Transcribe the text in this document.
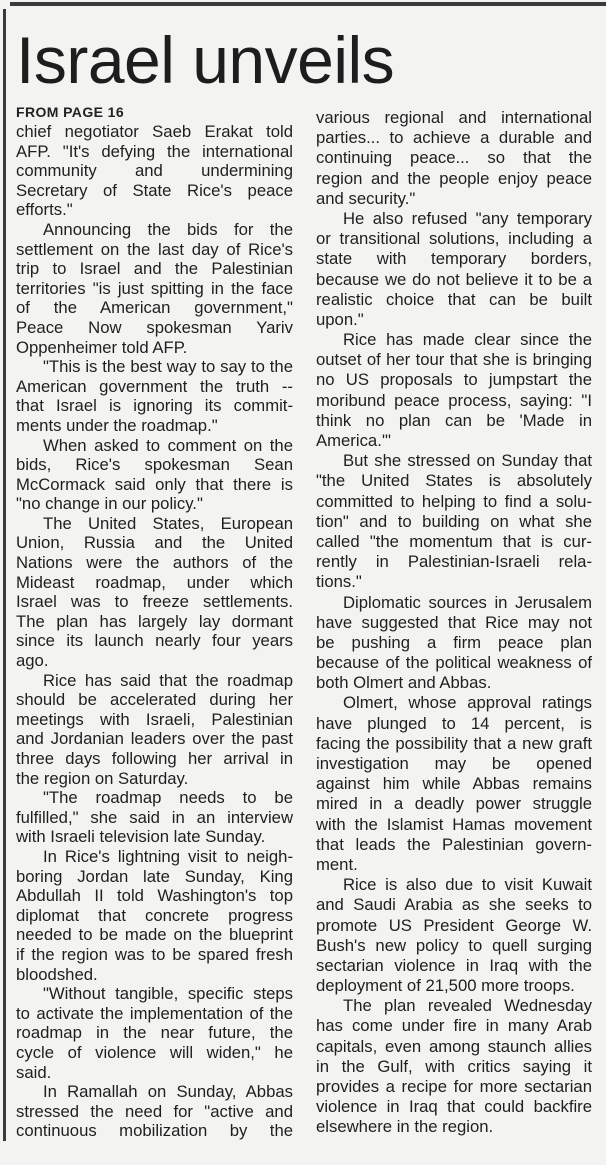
Israel unveils
FROM PAGE 16
chief negotiator Saeb Erakat told
AFP. "It's defying the international
community and undermining
Secretary of State Rice's peace
efforts."
Announcing the bids for the
settlement on the last day of Rice's
trip to Israel and the Palestinian
territories "is just spitting in the face
of the American government,"
Peace Now spokesman Yariv
Oppenheimer told AFP.
"This is the best way to say to the
American government the truth --
that Israel is ignoring its commit-
ments under the roadmap."
When asked to comment on the
bids, Rice's spokesman Sean
McCormack said only that there is
"no change in our policy."
The United States, European
Union, Russia and the United
Nations were the authors of the
Mideast roadmap, under which
Israel was to freeze settlements.
The plan has largely lay dormant
since its launch nearly four years
ago.
Rice has said that the roadmap
should be accelerated during her
meetings with Israeli, Palestinian
and Jordanian leaders over the past
three days following her arrival in
the region on Saturday.
"The roadmap needs to be
fulfilled," she said in an interview
with Israeli television late Sunday.
In Rice's lightning visit to neigh-
boring Jordan late Sunday, King
Abdullah II told Washington's top
diplomat that concrete progress
needed to be made on the blueprint
if the region was to be spared fresh
bloodshed.
"Without tangible, specific steps
to activate the implementation of the
roadmap in the near future, the
cycle of violence will widen," he
said.
In Ramallah on Sunday, Abbas
stressed the need for "active and
continuous mobilization by the
various regional and international
parties... to achieve a durable and
continuing peace... so that the
region and the people enjoy peace
and security."
He also refused "any temporary
or transitional solutions, including a
state with temporary borders,
because we do not believe it to be a
realistic choice that can be built
upon."
Rice has made clear since the
outset of her tour that she is bringing
no US proposals to jumpstart the
moribund peace process, saying: "I
think no plan can be 'Made in
America.'"
But she stressed on Sunday that
"the United States is absolutely
committed to helping to find a solu-
tion" and to building on what she
called "the momentum that is cur-
rently in Palestinian-Israeli rela-
tions."
Diplomatic sources in Jerusalem
have suggested that Rice may not
be pushing a firm peace plan
because of the political weakness of
both Olmert and Abbas.
Olmert, whose approval ratings
have plunged to 14 percent, is
facing the possibility that a new graft
investigation may be opened
against him while Abbas remains
mired in a deadly power struggle
with the Islamist Hamas movement
that leads the Palestinian govern-
ment.
Rice is also due to visit Kuwait
and Saudi Arabia as she seeks to
promote US President George W.
Bush's new policy to quell surging
sectarian violence in Iraq with the
deployment of 21,500 more troops.
The plan revealed Wednesday
has come under fire in many Arab
capitals, even among staunch allies
in the Gulf, with critics saying it
provides a recipe for more sectarian
violence in Iraq that could backfire
elsewhere in the region.
